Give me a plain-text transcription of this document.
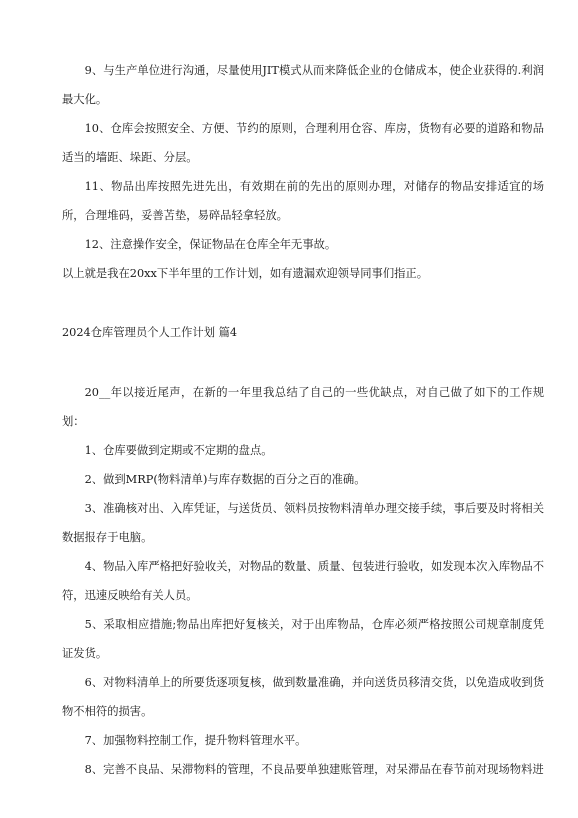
9、与生产单位进行沟通，尽量使用JIT模式从而来降低企业的仓储成本，使企业获得的.利润最大化。

10、仓库会按照安全、方便、节约的原则，合理利用仓容、库房，货物有必要的道路和物品适当的墙距、垛距、分层。

11、物品出库按照先进先出，有效期在前的先出的原则办理，对储存的物品安排适宜的场所，合理堆码，妥善苫垫，易碎品轻拿轻放。

12、注意操作安全，保证物品在仓库全年无事故。

以上就是我在20xx下半年里的工作计划，如有遗漏欢迎领导同事们指正。

2024仓库管理员个人工作计划 篇4

20__年以接近尾声，在新的一年里我总结了自己的一些优缺点，对自己做了如下的工作规划：

1、仓库要做到定期或不定期的盘点。

2、做到MRP(物料清单)与库存数据的百分之百的准确。

3、准确核对出、入库凭证，与送货员、领料员按物料清单办理交接手续，事后要及时将相关数据报存于电脑。

4、物品入库严格把好验收关，对物品的数量、质量、包装进行验收，如发现本次入库物品不符，迅速反映给有关人员。

5、采取相应措施;物品出库把好复核关，对于出库物品，仓库必须严格按照公司规章制度凭证发货。

6、对物料清单上的所要货逐项复核，做到数量准确，并向送货员移清交货，以免造成收到货物不相符的损害。

7、加强物料控制工作，提升物料管理水平。

8、完善不良品、呆滞物料的管理，不良品要单独建账管理，对呆滞品在春节前对现场物料进
